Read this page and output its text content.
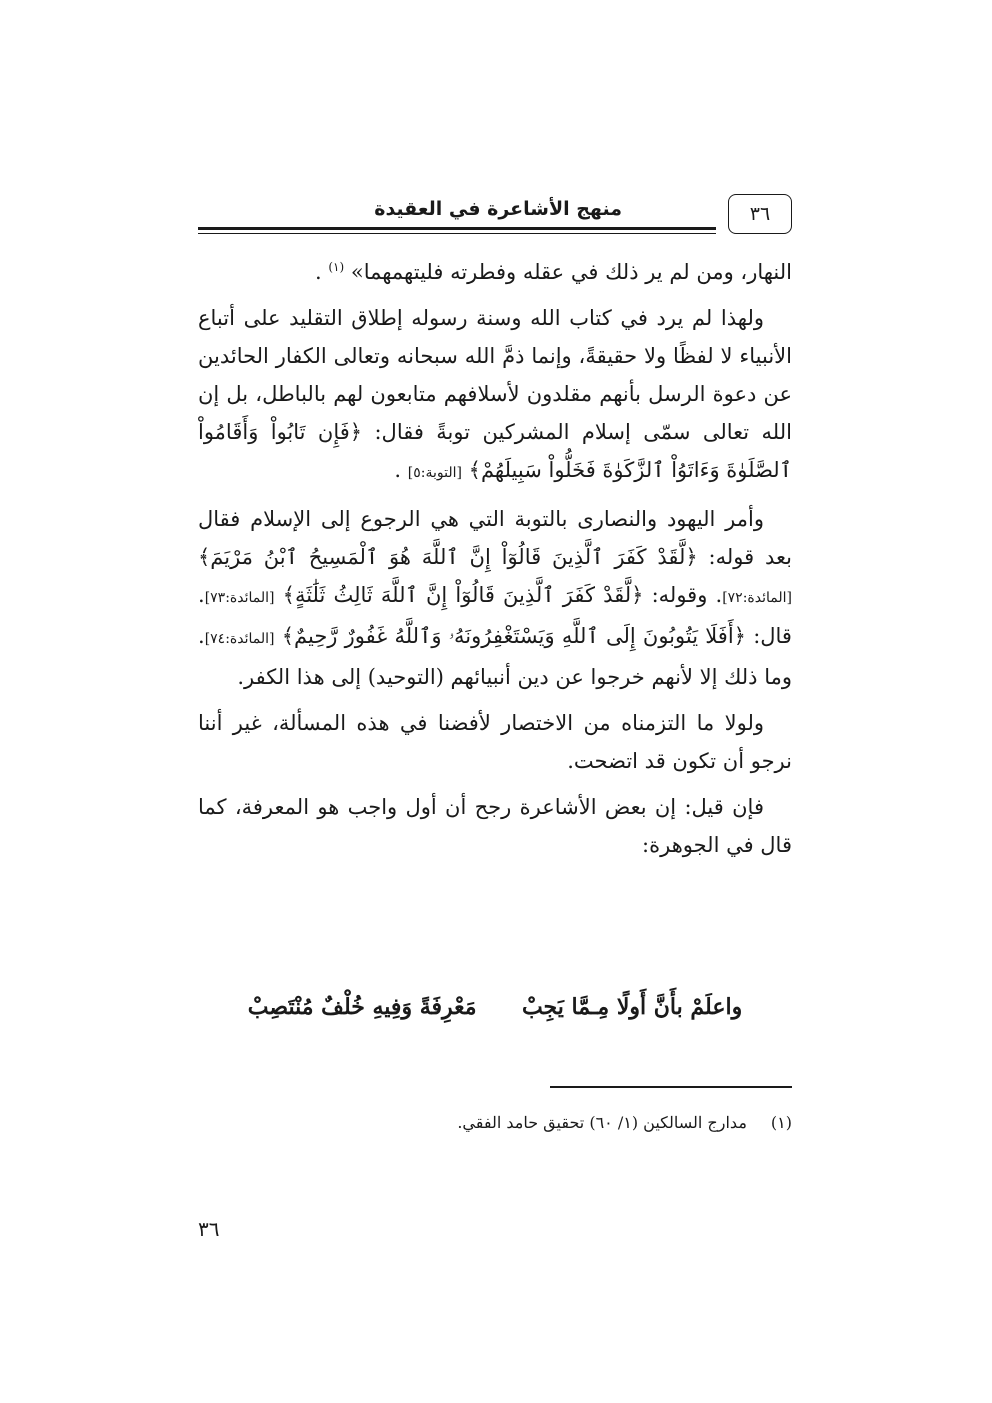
منهج الأشاعرة في العقيدة	٣٦

النهار، ومن لم ير ذلك في عقله وفطرته فليتهمهما» $^{(١)}$ .

ولهذا لم يرد في كتاب الله وسنة رسوله إطلاق التقليد على أتباع الأنبياء لا لفظًا ولا حقيقةً، وإنما ذمَّ الله سبحانه وتعالى الكفار الحائدين عن دعوة الرسل بأنهم مقلدون لأسلافهم متابعون لهم بالباطل، بل إن الله تعالى سمّى إسلام المشركين توبةً فقال: ﴿فَإِن تَابُواْ وَأَقَامُواْ ٱلصَّلَوٰةَ وَءَاتَوُاْ ٱلزَّكَوٰةَ فَخَلُّواْ سَبِيلَهُمْ﴾ [التوبة:٥] .

وأمر اليهود والنصارى بالتوبة التي هي الرجوع إلى الإسلام فقال بعد قوله: ﴿لَّقَدْ كَفَرَ ٱلَّذِينَ قَالُوٓاْ إِنَّ ٱللَّهَ هُوَ ٱلْمَسِيحُ ٱبْنُ مَرْيَمَ﴾ [المائدة:٧٢]. وقوله: ﴿لَّقَدْ كَفَرَ ٱلَّذِينَ قَالُوٓاْ إِنَّ ٱللَّهَ ثَالِثُ ثَلَٰثَةٍ﴾ [المائدة:٧٣]. قال: ﴿أَفَلَا يَتُوبُونَ إِلَى ٱللَّهِ وَيَسْتَغْفِرُونَهُۥ وَٱللَّهُ غَفُورٌ رَّحِيمٌ﴾ [المائدة:٧٤]. وما ذلك إلا لأنهم خرجوا عن دين أنبيائهم (التوحيد) إلى هذا الكفر.

ولولا ما التزمناه من الاختصار لأفضنا في هذه المسألة، غير أننا نرجو أن تكون قد اتضحت.

فإن قيل: إن بعض الأشاعرة رجح أن أول واجب هو المعرفة، كما قال في الجوهرة:

واعلَمْ بأَنَّ أَولًا مِـمَّا يَجِبْ  مَعْرِفَةً وَفِيهِ خُلْفٌ مُنْتَصِبْ
(١) مدارج السالكين (١/ ٦٠) تحقيق حامد الفقي.
٣٦
